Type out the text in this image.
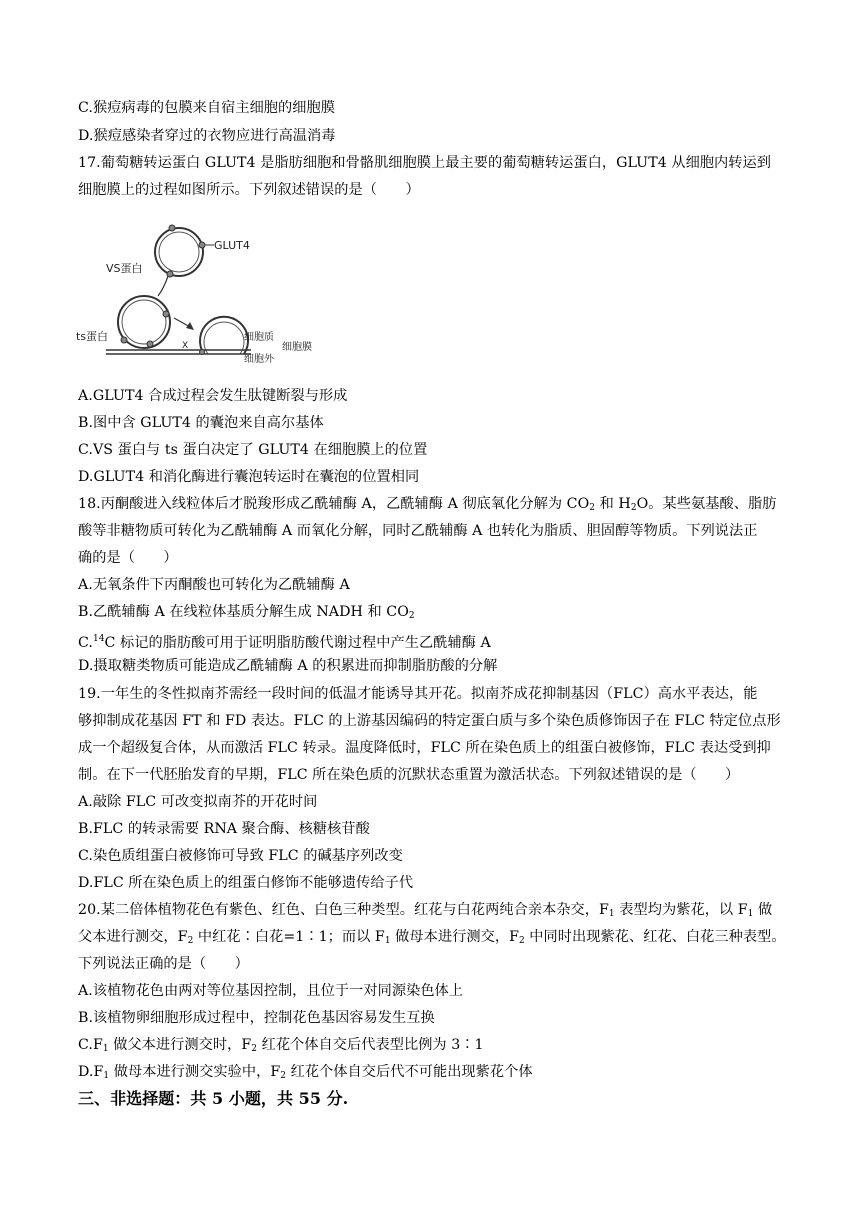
C.猴痘病毒的包膜来自宿主细胞的细胞膜
D.猴痘感染者穿过的衣物应进行高温消毒
17.葡萄糖转运蛋白 GLUT4 是脂肪细胞和骨骼肌细胞膜上最主要的葡萄糖转运蛋白，GLUT4 从细胞内转运到
细胞膜上的过程如图所示。下列叙述错误的是（　　）
GLUT4
VS蛋白
ts蛋白
X
细胞质
细胞膜
细胞外
A.GLUT4 合成过程会发生肽键断裂与形成
B.图中含 GLUT4 的囊泡来自高尔基体
C.VS 蛋白与 ts 蛋白决定了 GLUT4 在细胞膜上的位置
D.GLUT4 和消化酶进行囊泡转运时在囊泡的位置相同
18.丙酮酸进入线粒体后才脱羧形成乙酰辅酶 A，乙酰辅酶 A 彻底氧化分解为 $CO_2$ 和 $H_2O$。某些氨基酸、脂肪
酸等非糖物质可转化为乙酰辅酶 A 而氧化分解，同时乙酰辅酶 A 也转化为脂质、胆固醇等物质。下列说法正
确的是（　　）
A.无氧条件下丙酮酸也可转化为乙酰辅酶 A
B.乙酰辅酶 A 在线粒体基质分解生成 NADH 和 $CO_2$
C.$^{14}$C 标记的脂肪酸可用于证明脂肪酸代谢过程中产生乙酰辅酶 A
D.摄取糖类物质可能造成乙酰辅酶 A 的积累进而抑制脂肪酸的分解
19.一年生的冬性拟南芥需经一段时间的低温才能诱导其开花。拟南芥成花抑制基因（FLC）高水平表达，能
够抑制成花基因 FT 和 FD 表达。FLC 的上游基因编码的特定蛋白质与多个染色质修饰因子在 FLC 特定位点形
成一个超级复合体，从而激活 FLC 转录。温度降低时，FLC 所在染色质上的组蛋白被修饰，FLC 表达受到抑
制。在下一代胚胎发育的早期，FLC 所在染色质的沉默状态重置为激活状态。下列叙述错误的是（　　）
A.敲除 FLC 可改变拟南芥的开花时间
B.FLC 的转录需要 RNA 聚合酶、核糖核苷酸
C.染色质组蛋白被修饰可导致 FLC 的碱基序列改变
D.FLC 所在染色质上的组蛋白修饰不能够遗传给子代
20.某二倍体植物花色有紫色、红色、白色三种类型。红花与白花两纯合亲本杂交，$F_1$ 表型均为紫花，以 $F_1$ 做
父本进行测交，$F_2$ 中红花∶白花=1∶1；而以 $F_1$ 做母本进行测交，$F_2$ 中同时出现紫花、红花、白花三种表型。
下列说法正确的是（　　）
A.该植物花色由两对等位基因控制，且位于一对同源染色体上
B.该植物卵细胞形成过程中，控制花色基因容易发生互换
$C.F_1$ 做父本进行测交时，$F_2$ 红花个体自交后代表型比例为 3∶1
$D.F_1$ 做母本进行测交实验中，$F_2$ 红花个体自交后代不可能出现紫花个体
三、非选择题：共 5 小题，共 55 分.
